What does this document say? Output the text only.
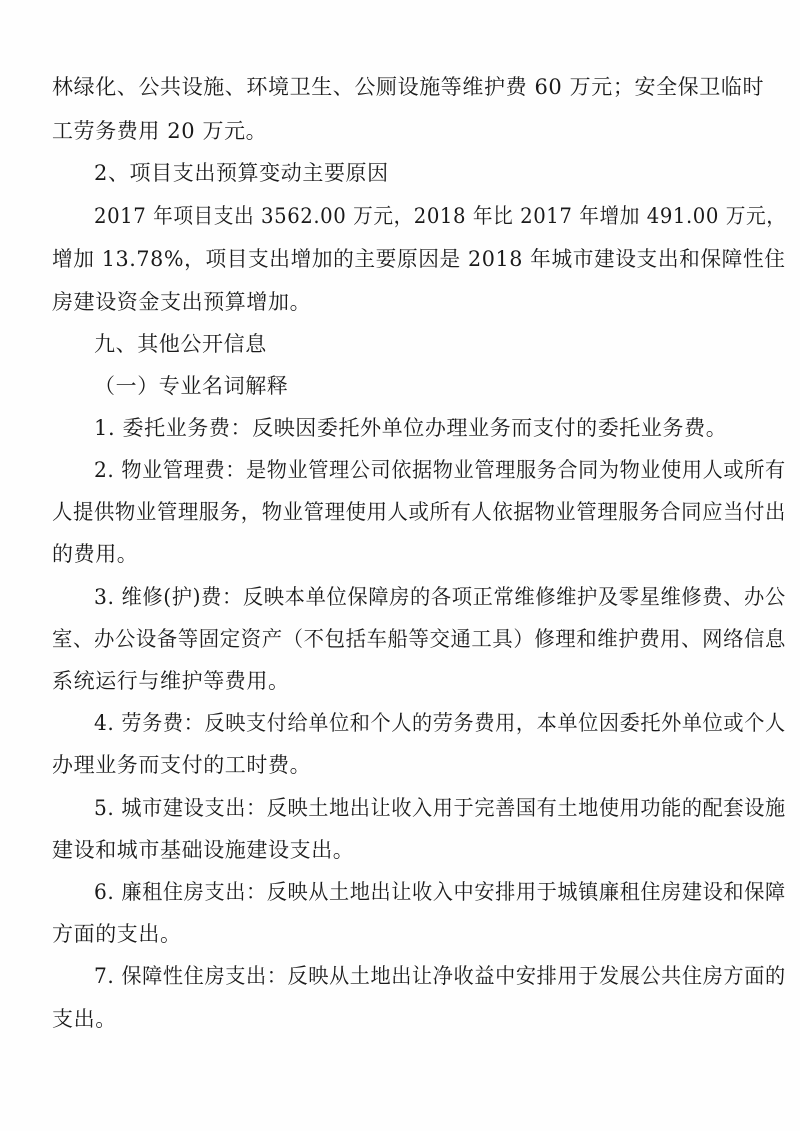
林绿化、公共设施、环境卫生、公厕设施等维护费 60 万元；安全保卫临时
工劳务费用 20 万元。
2、项目支出预算变动主要原因
2017 年项目支出 3562.00 万元，2018 年比 2017 年增加 491.00 万元，
增加 13.78%，项目支出增加的主要原因是 2018 年城市建设支出和保障性住
房建设资金支出预算增加。
九、其他公开信息
（一）专业名词解释
1. 委托业务费：反映因委托外单位办理业务而支付的委托业务费。
2. 物业管理费：是物业管理公司依据物业管理服务合同为物业使用人或所有
人提供物业管理服务，物业管理使用人或所有人依据物业管理服务合同应当付出
的费用。
3. 维修(护)费：反映本单位保障房的各项正常维修维护及零星维修费、办公
室、办公设备等固定资产（不包括车船等交通工具）修理和维护费用、网络信息
系统运行与维护等费用。
4. 劳务费：反映支付给单位和个人的劳务费用，本单位因委托外单位或个人
办理业务而支付的工时费。
5. 城市建设支出：反映土地出让收入用于完善国有土地使用功能的配套设施
建设和城市基础设施建设支出。
6. 廉租住房支出：反映从土地出让收入中安排用于城镇廉租住房建设和保障
方面的支出。
7. 保障性住房支出：反映从土地出让净收益中安排用于发展公共住房方面的
支出。
